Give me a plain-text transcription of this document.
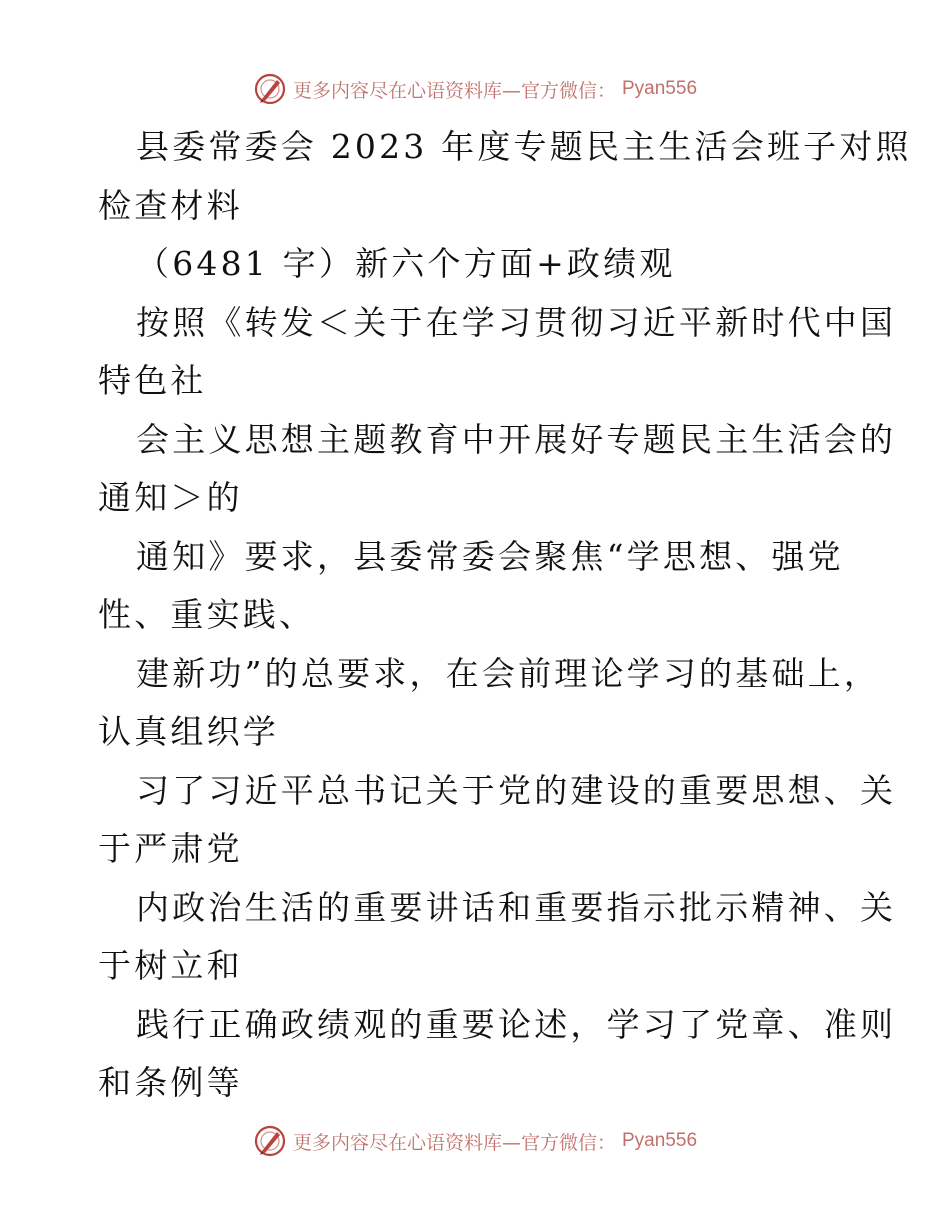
更多内容尽在心语资料库—官方微信： Pyan556
县委常委会 2023 年度专题民主生活会班子对照
检查材料
（6481 字）新六个方面+政绩观
按照《转发＜关于在学习贯彻习近平新时代中国
特色社
会主义思想主题教育中开展好专题民主生活会的
通知＞的
通知》要求，县委常委会聚焦“学思想、强党
性、重实践、
建新功”的总要求，在会前理论学习的基础上，
认真组织学
习了习近平总书记关于党的建设的重要思想、关
于严肃党
内政治生活的重要讲话和重要指示批示精神、关
于树立和
践行正确政绩观的重要论述，学习了党章、准则
和条例等
更多内容尽在心语资料库—官方微信： Pyan556
